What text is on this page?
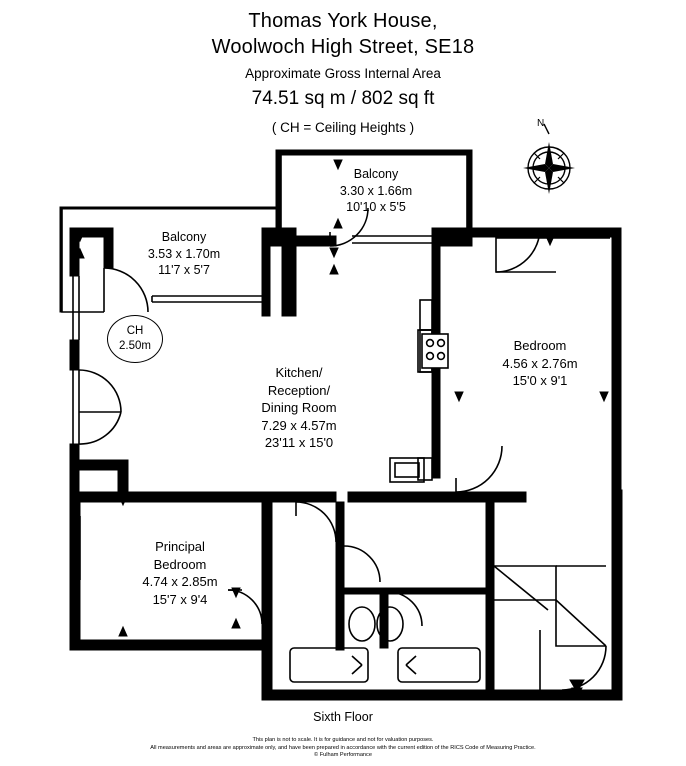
Thomas York House,
Woolwoch High Street, SE18
Approximate Gross Internal Area
74.51 sq m / 802 sq ft
( CH = Ceiling Heights )	N
Balcony
3.30 x 1.66m
10'10 x 5'5
Balcony
3.53 x 1.70m
11'7 x 5'7
Kitchen/
Reception/
Dining Room
7.29 x 4.57m
23'11 x 15'0
Bedroom
4.56 x 2.76m
15'0 x 9'1
Principal
Bedroom
4.74 x 2.85m
15'7 x 9'4
CH
2.50m
Sixth Floor
This plan is not to scale. It is for guidance and not for valuation purposes.
All measurements and areas are approximate only, and have been prepared in accordance with the current edition of the RICS Code of Measuring Practice.
© Fulham Performance
